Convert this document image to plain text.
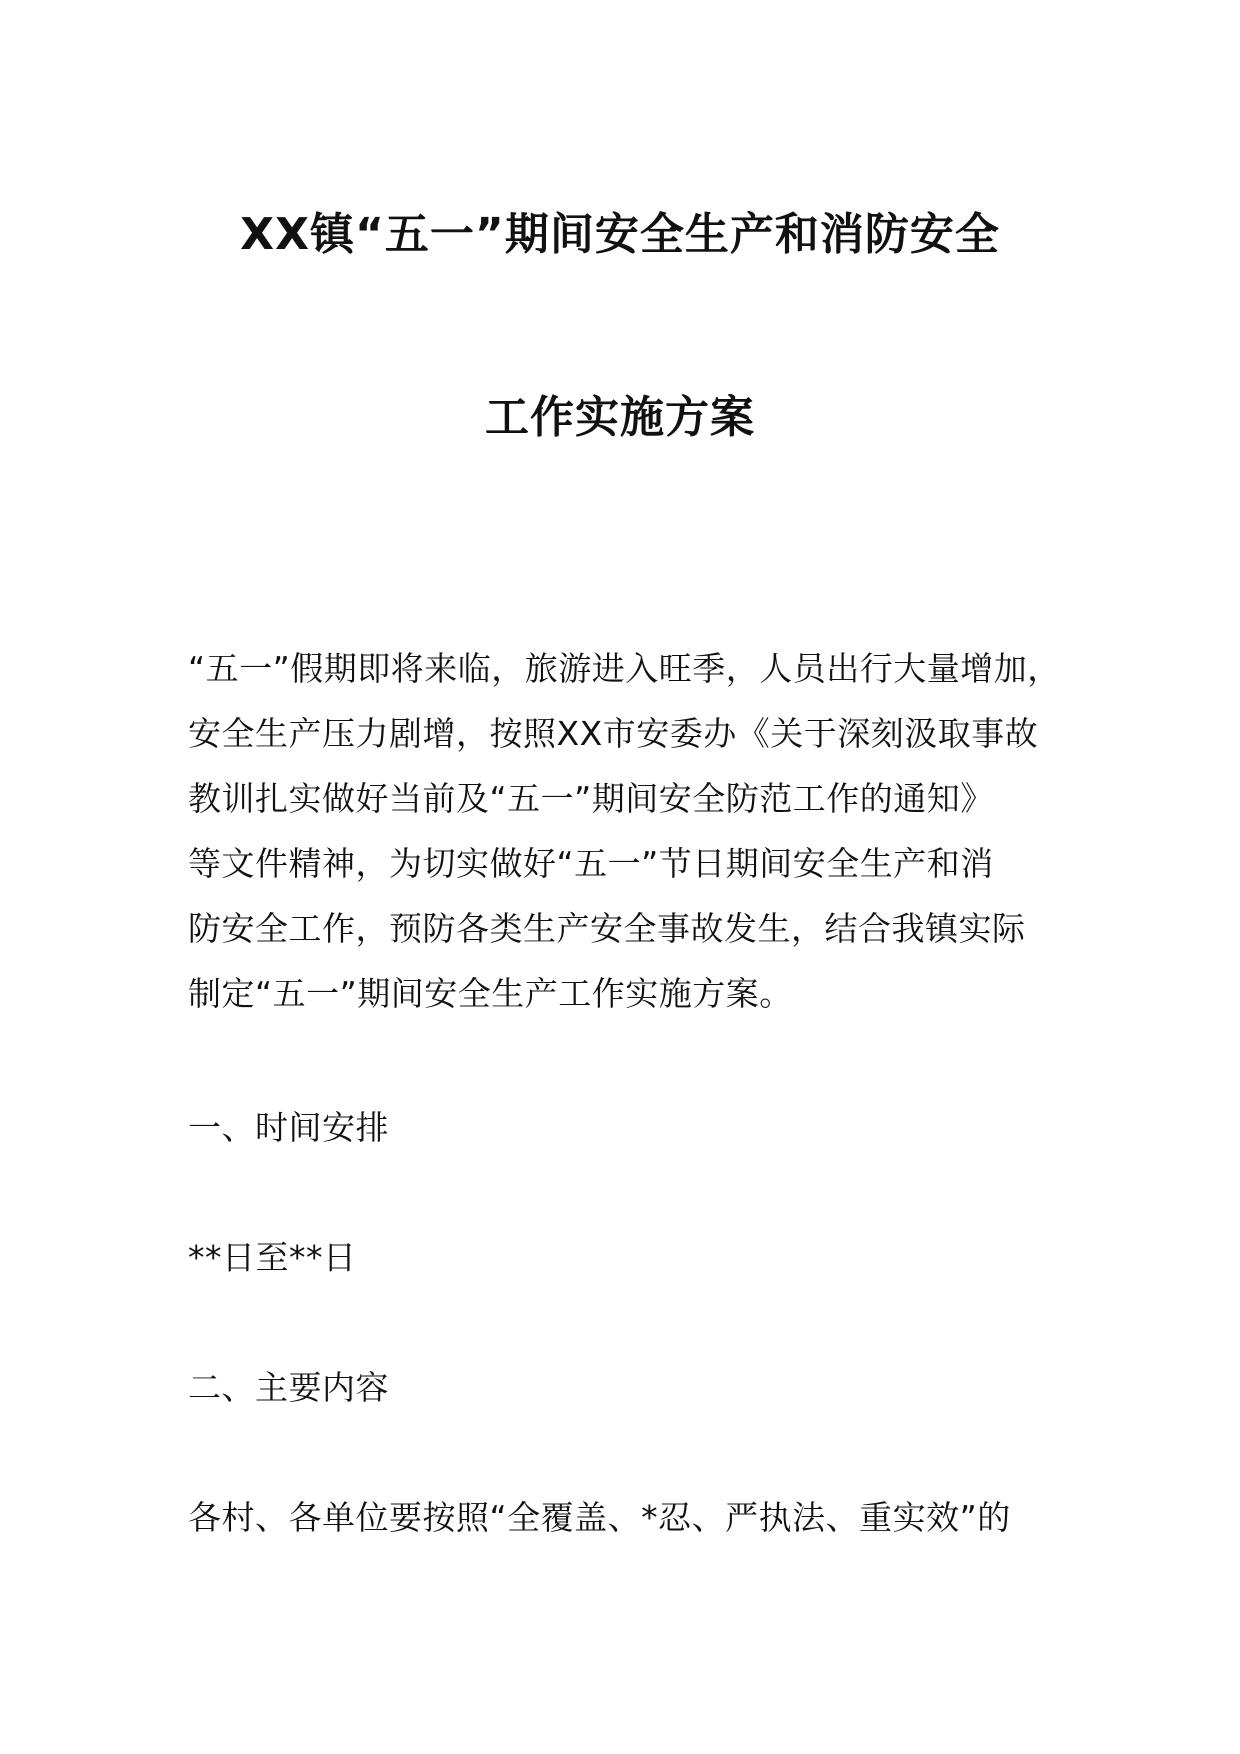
XX镇“五一”期间安全生产和消防安全
工作实施方案
“五一”假期即将来临，旅游进入旺季，人员出行大量增加，
安全生产压力剧增，按照XX市安委办《关于深刻汲取事故
教训扎实做好当前及“五一”期间安全防范工作的通知》
等文件精神，为切实做好“五一”节日期间安全生产和消
防安全工作，预防各类生产安全事故发生，结合我镇实际
制定“五一”期间安全生产工作实施方案。
一、时间安排
**日至**日
二、主要内容
各村、各单位要按照“全覆盖、*忍、严执法、重实效”的
